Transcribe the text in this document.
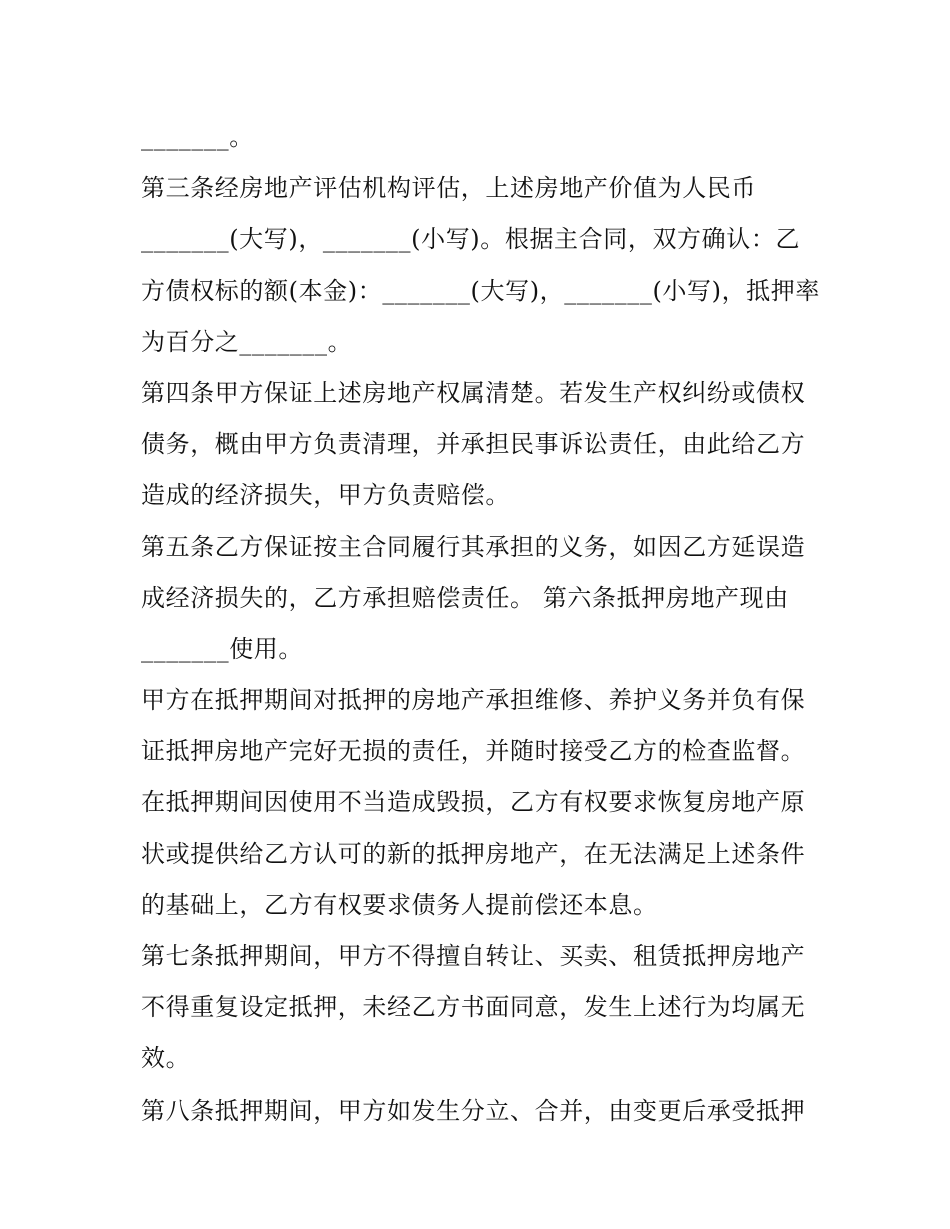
_______。
第三条经房地产评估机构评估，上述房地产价值为人民币
_______(大写)，_______(小写)。根据主合同，双方确认：乙
方债权标的额(本金)：_______(大写)，_______(小写)，抵押率
为百分之_______。
第四条甲方保证上述房地产权属清楚。若发生产权纠纷或债权
债务，概由甲方负责清理，并承担民事诉讼责任，由此给乙方
造成的经济损失，甲方负责赔偿。
第五条乙方保证按主合同履行其承担的义务，如因乙方延误造
成经济损失的，乙方承担赔偿责任。 第六条抵押房地产现由
_______使用。
甲方在抵押期间对抵押的房地产承担维修、养护义务并负有保
证抵押房地产完好无损的责任，并随时接受乙方的检查监督。
在抵押期间因使用不当造成毁损，乙方有权要求恢复房地产原
状或提供给乙方认可的新的抵押房地产，在无法满足上述条件
的基础上，乙方有权要求债务人提前偿还本息。
第七条抵押期间，甲方不得擅自转让、买卖、租赁抵押房地产
不得重复设定抵押，未经乙方书面同意，发生上述行为均属无
效。
第八条抵押期间，甲方如发生分立、合并，由变更后承受抵押
